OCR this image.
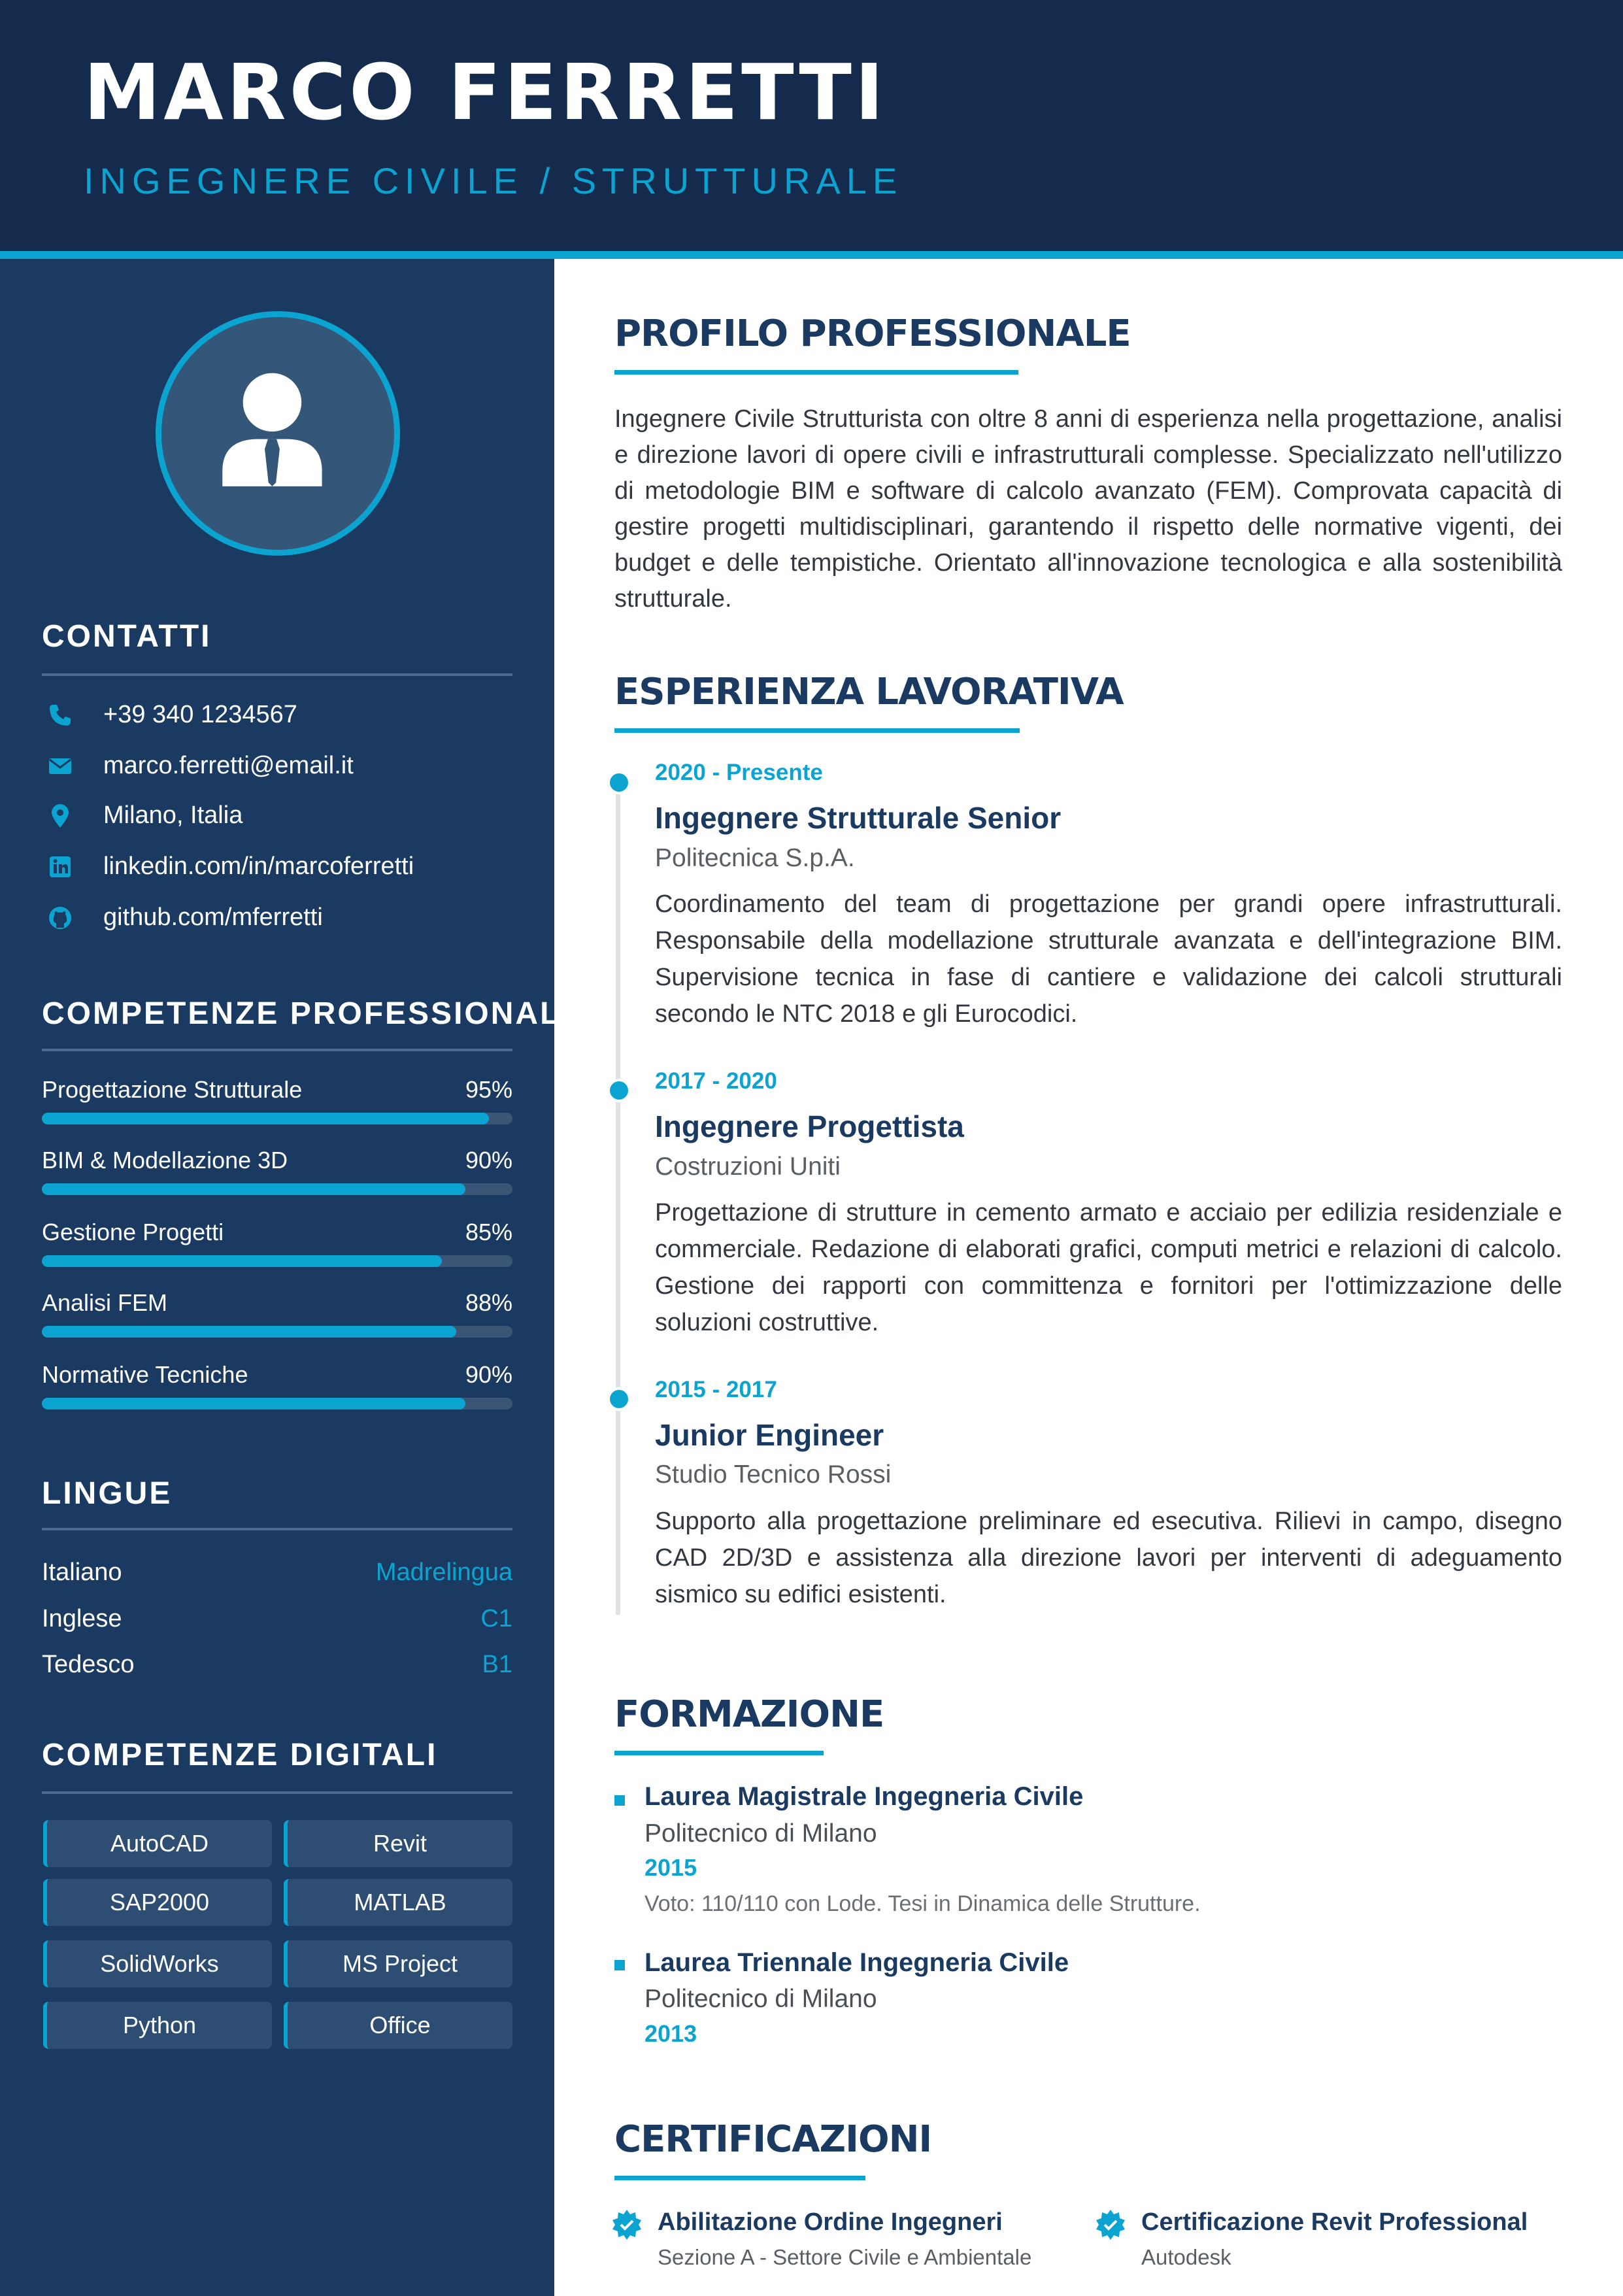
MARCO FERRETTI
INGEGNERE CIVILE / STRUTTURALE
CONTATTI
+39 340 1234567
marco.ferretti@email.it
Milano, Italia
linkedin.com/in/marcoferretti
github.com/mferretti
COMPETENZE PROFESSIONALI
Progettazione Strutturale	95%
BIM & Modellazione 3D	90%
Gestione Progetti	85%
Analisi FEM	88%
Normative Tecniche	90%
LINGUE
Italiano	Madrelingua
Inglese	C1
Tedesco	B1
COMPETENZE DIGITALI
AutoCAD	Revit
SAP2000	MATLAB
SolidWorks	MS Project
Python	Office
PROFILO PROFESSIONALE
Ingegnere Civile Strutturista con oltre 8 anni di esperienza nella progettazione, analisi e direzione lavori di opere civili e infrastrutturali complesse. Specializzato nell'utilizzo di metodologie BIM e software di calcolo avanzato (FEM). Comprovata capacità di gestire progetti multidisciplinari, garantendo il rispetto delle normative vigenti, dei budget e delle tempistiche. Orientato all'innovazione tecnologica e alla sostenibilità strutturale.
ESPERIENZA LAVORATIVA
2020 - Presente
Ingegnere Strutturale Senior
Politecnica S.p.A.
Coordinamento del team di progettazione per grandi opere infrastrutturali. Responsabile della modellazione strutturale avanzata e dell'integrazione BIM. Supervisione tecnica in fase di cantiere e validazione dei calcoli strutturali secondo le NTC 2018 e gli Eurocodici.
2017 - 2020
Ingegnere Progettista
Costruzioni Uniti
Progettazione di strutture in cemento armato e acciaio per edilizia residenziale e commerciale. Redazione di elaborati grafici, computi metrici e relazioni di calcolo. Gestione dei rapporti con committenza e fornitori per l'ottimizzazione delle soluzioni costruttive.
2015 - 2017
Junior Engineer
Studio Tecnico Rossi
Supporto alla progettazione preliminare ed esecutiva. Rilievi in campo, disegno CAD 2D/3D e assistenza alla direzione lavori per interventi di adeguamento sismico su edifici esistenti.
FORMAZIONE
Laurea Magistrale Ingegneria Civile
Politecnico di Milano
2015
Voto: 110/110 con Lode. Tesi in Dinamica delle Strutture.
Laurea Triennale Ingegneria Civile
Politecnico di Milano
2013
CERTIFICAZIONI
Abilitazione Ordine Ingegneri
Sezione A - Settore Civile e Ambientale
Certificazione Revit Professional
Autodesk
